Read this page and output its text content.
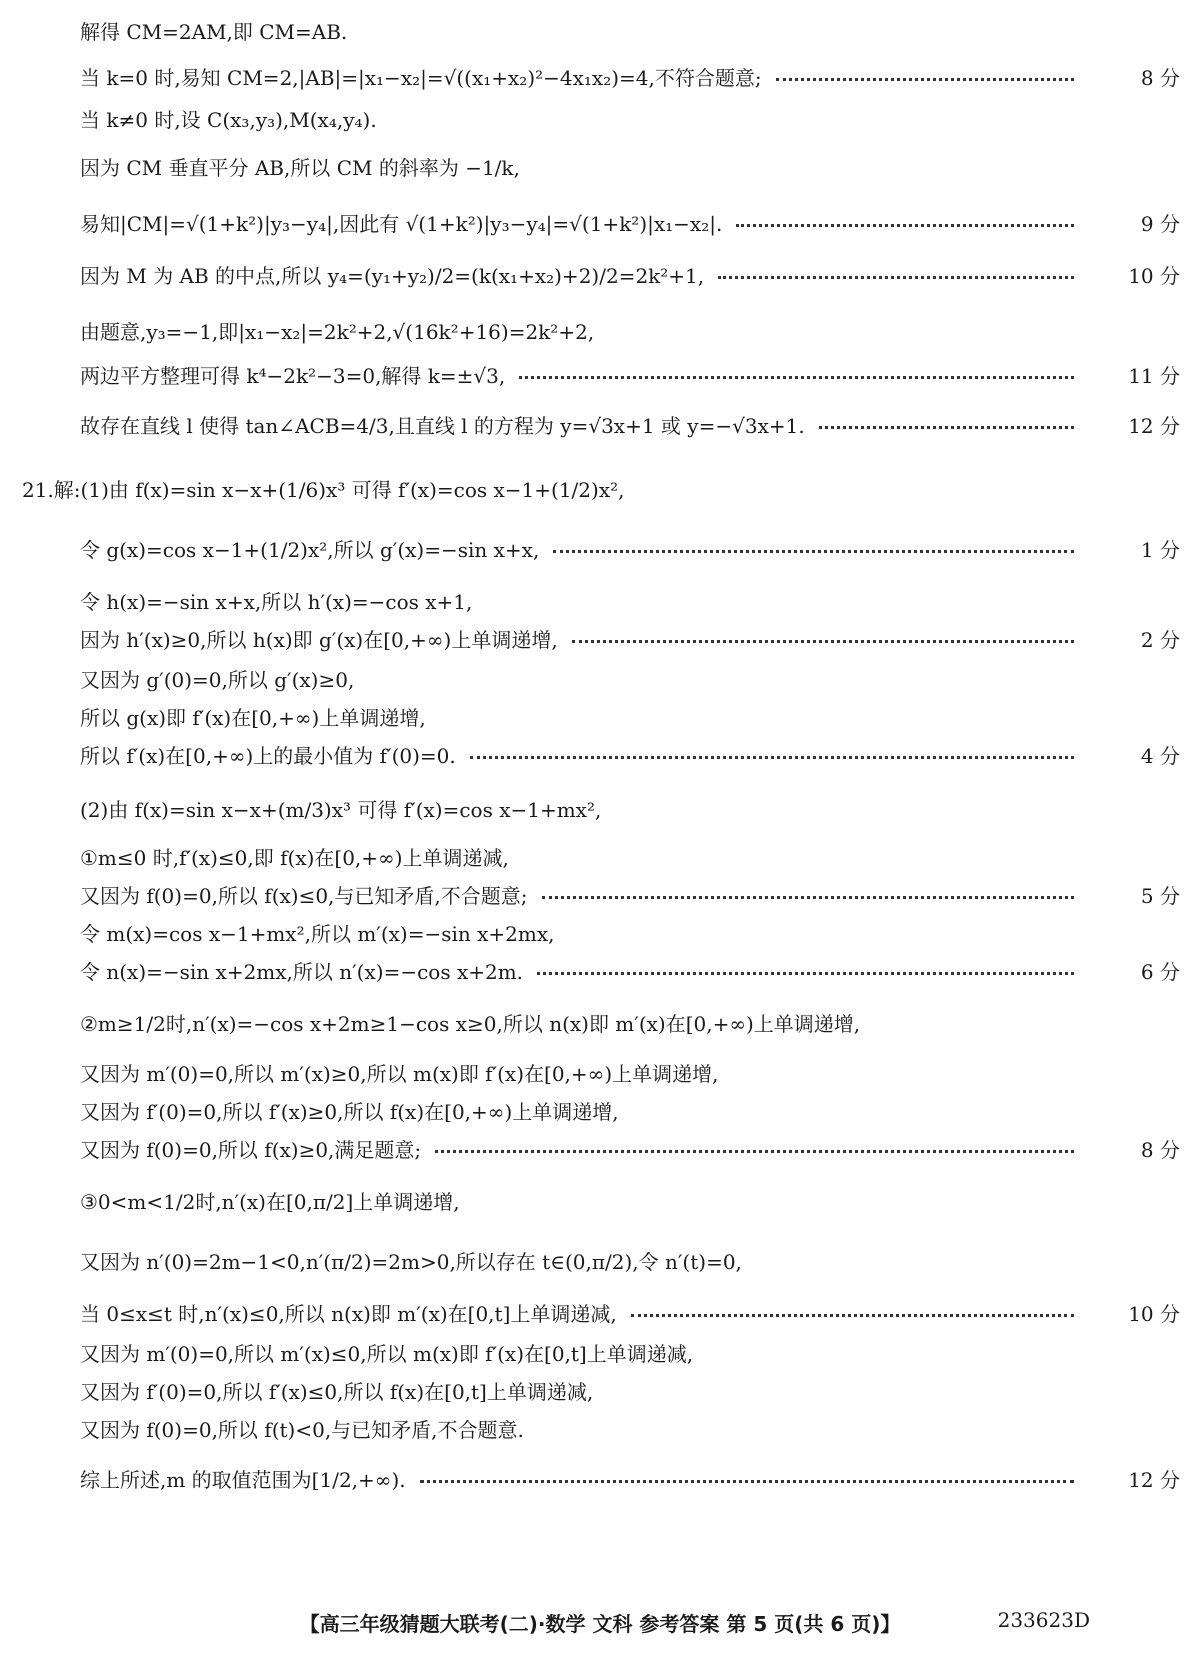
解得 CM=2AM,即 CM=AB.
当 k=0 时,易知 CM=2,|AB|=|x₁−x₂|=√((x₁+x₂)²−4x₁x₂)=4,不符合题意;	8 分
当 k≠0 时,设 C(x₃,y₃),M(x₄,y₄).
因为 CM 垂直平分 AB,所以 CM 的斜率为 −1/k,
易知|CM|=√(1+k²)|y₃−y₄|,因此有 √(1+k²)|y₃−y₄|=√(1+k²)|x₁−x₂|.	9 分
因为 M 为 AB 的中点,所以 y₄=(y₁+y₂)/2=(k(x₁+x₂)+2)/2=2k²+1,	10 分
由题意,y₃=−1,即|x₁−x₂|=2k²+2,√(16k²+16)=2k²+2,
两边平方整理可得 k⁴−2k²−3=0,解得 k=±√3,	11 分
故存在直线 l 使得 tan∠ACB=4/3,且直线 l 的方程为 y=√3x+1 或 y=−√3x+1.	12 分
21.解:(1)由 f(x)=sin x−x+(1/6)x³ 可得 f′(x)=cos x−1+(1/2)x²,
令 g(x)=cos x−1+(1/2)x²,所以 g′(x)=−sin x+x,	1 分
令 h(x)=−sin x+x,所以 h′(x)=−cos x+1,
因为 h′(x)≥0,所以 h(x)即 g′(x)在[0,+∞)上单调递增,	2 分
又因为 g′(0)=0,所以 g′(x)≥0,
所以 g(x)即 f′(x)在[0,+∞)上单调递增,
所以 f′(x)在[0,+∞)上的最小值为 f′(0)=0.	4 分
(2)由 f(x)=sin x−x+(m/3)x³ 可得 f′(x)=cos x−1+mx²,
①m≤0 时,f′(x)≤0,即 f(x)在[0,+∞)上单调递减,
又因为 f(0)=0,所以 f(x)≤0,与已知矛盾,不合题意;	5 分
令 m(x)=cos x−1+mx²,所以 m′(x)=−sin x+2mx,
令 n(x)=−sin x+2mx,所以 n′(x)=−cos x+2m.	6 分
②m≥1/2时,n′(x)=−cos x+2m≥1−cos x≥0,所以 n(x)即 m′(x)在[0,+∞)上单调递增,
又因为 m′(0)=0,所以 m′(x)≥0,所以 m(x)即 f′(x)在[0,+∞)上单调递增,
又因为 f′(0)=0,所以 f′(x)≥0,所以 f(x)在[0,+∞)上单调递增,
又因为 f(0)=0,所以 f(x)≥0,满足题意;	8 分
③0<m<1/2时,n′(x)在[0,π/2]上单调递增,
又因为 n′(0)=2m−1<0,n′(π/2)=2m>0,所以存在 t∈(0,π/2),令 n′(t)=0,
当 0≤x≤t 时,n′(x)≤0,所以 n(x)即 m′(x)在[0,t]上单调递减,	10 分
又因为 m′(0)=0,所以 m′(x)≤0,所以 m(x)即 f′(x)在[0,t]上单调递减,
又因为 f′(0)=0,所以 f′(x)≤0,所以 f(x)在[0,t]上单调递减,
又因为 f(0)=0,所以 f(t)<0,与已知矛盾,不合题意.
综上所述,m 的取值范围为[1/2,+∞).	12 分
【高三年级猜题大联考(二)·数学 文科 参考答案 第 5 页(共 6 页)】	233623D
